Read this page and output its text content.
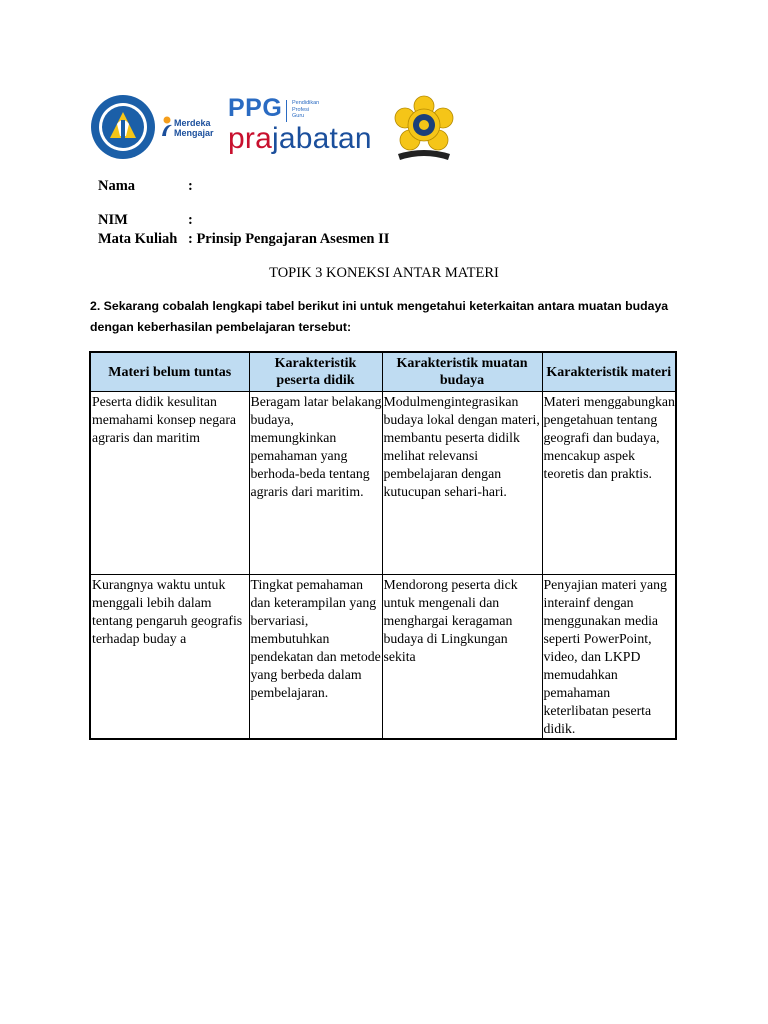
Merdeka
Mengajar
PPG Pendidikan
Profesi
Guru
prajabatan
Nama	:
NIM	:
Mata Kuliah : Prinsip Pengajaran Asesmen II
TOPIK 3 KONEKSI ANTAR MATERI
2. Sekarang cobalah lengkapi tabel berikut ini untuk mengetahui keterkaitan antara muatan budaya dengan keberhasilan pembelajaran tersebut:
Materi belum tuntas	Karakteristik peserta didik	Karakteristik muatan budaya	Karakteristik materi
Peserta didik kesulitan memahami konsep negara agraris dan maritim	Beragam latar belakang budaya, memungkinkan pemahaman yang berhoda-beda tentang agraris dari maritim.	Modulmengintegrasikan budaya lokal dengan materi, membantu peserta didilk melihat relevansi pembelajaran dengan kutucupan sehari-hari.	Materi menggabungkan pengetahuan tentang geografi dan budaya, mencakup aspek teoretis dan praktis.
Kurangnya waktu untuk menggali lebih dalam tentang pengaruh geografis terhadap buday a	Tingkat pemahaman dan keterampilan yang bervariasi, membutuhkan pendekatan dan metode yang berbeda dalam pembelajaran.	Mendorong peserta dick untuk mengenali dan menghargai keragaman budaya di Lingkungan sekita	Penyajian materi yang interainf dengan menggunakan media seperti PowerPoint, video, dan LKPD memudahkan pemahaman keterlibatan peserta didik.
